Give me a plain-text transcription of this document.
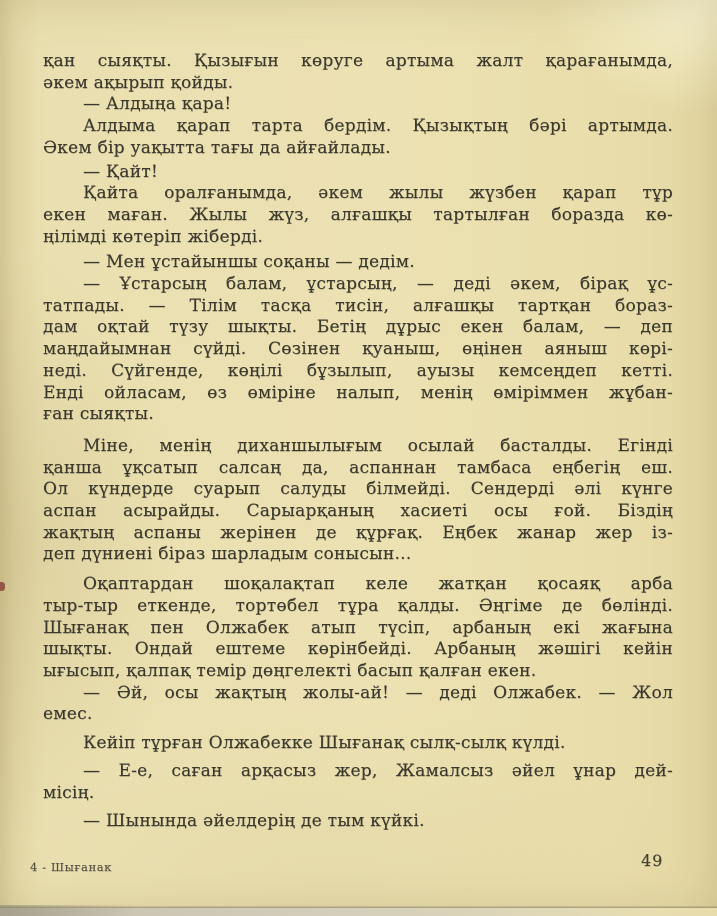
қан сыяқты. Қызығын көруге артыма жалт қарағанымда,
әкем ақырып қойды.
— Алдыңа қара!
Алдыма қарап тарта бердім. Қызықтың бәрі артымда.
Әкем бір уақытта тағы да айғайлады.
— Қайт!
Қайта оралғанымда, әкем жылы жүзбен қарап тұр
екен маған. Жылы жүз, алғашқы тартылған боразда кө-
ңілімді көтеріп жіберді.
— Мен ұстайыншы соқаны — дедім.
— Ұстарсың балам, ұстарсың, — деді әкем, бірақ ұс-
татпады. — Тілім тасқа тисін, алғашқы тартқан бораз-
дам оқтай түзу шықты. Бетің дұрыс екен балам, — деп
маңдайымнан сүйді. Сөзінен қуаныш, өңінен аяныш көрі-
неді. Сүйгенде, көңілі бұзылып, ауызы кемсеңдеп кетті.
Енді ойласам, өз өміріне налып, менің өміріммен жұбан-
ған сыяқты.
Міне, менің диханшылығым осылай басталды. Егінді
қанша ұқсатып салсаң да, аспаннан тамбаса еңбегің еш.
Ол күндерде суарып салуды білмейді. Сендерді әлі күнге
аспан асырайды. Сарыарқаның хасиеті осы ғой. Біздің
жақтың аспаны жерінен де құрғақ. Еңбек жанар жер із-
деп дүниені біраз шарладым сонысын...
Оқаптардан шоқалақтап келе жатқан қосаяқ арба
тыр-тыр еткенде, тортөбел тұра қалды. Әңгіме де бөлінді.
Шығанақ пен Олжабек атып түсіп, арбаның екі жағына
шықты. Ондай ештеме көрінбейді. Арбаның жәшігі кейін
ығысып, қалпақ темір дөңгелекті басып қалған екен.
— Әй, осы жақтың жолы-ай! — деді Олжабек. — Жол
емес.
Кейіп тұрған Олжабекке Шығанақ сылқ-сылқ күлді.
— Е-е, саған арқасыз жер, Жамалсыз әйел ұнар дей-
місің.
— Шынында әйелдерің де тым күйкі.
4 - Шығанак	49
